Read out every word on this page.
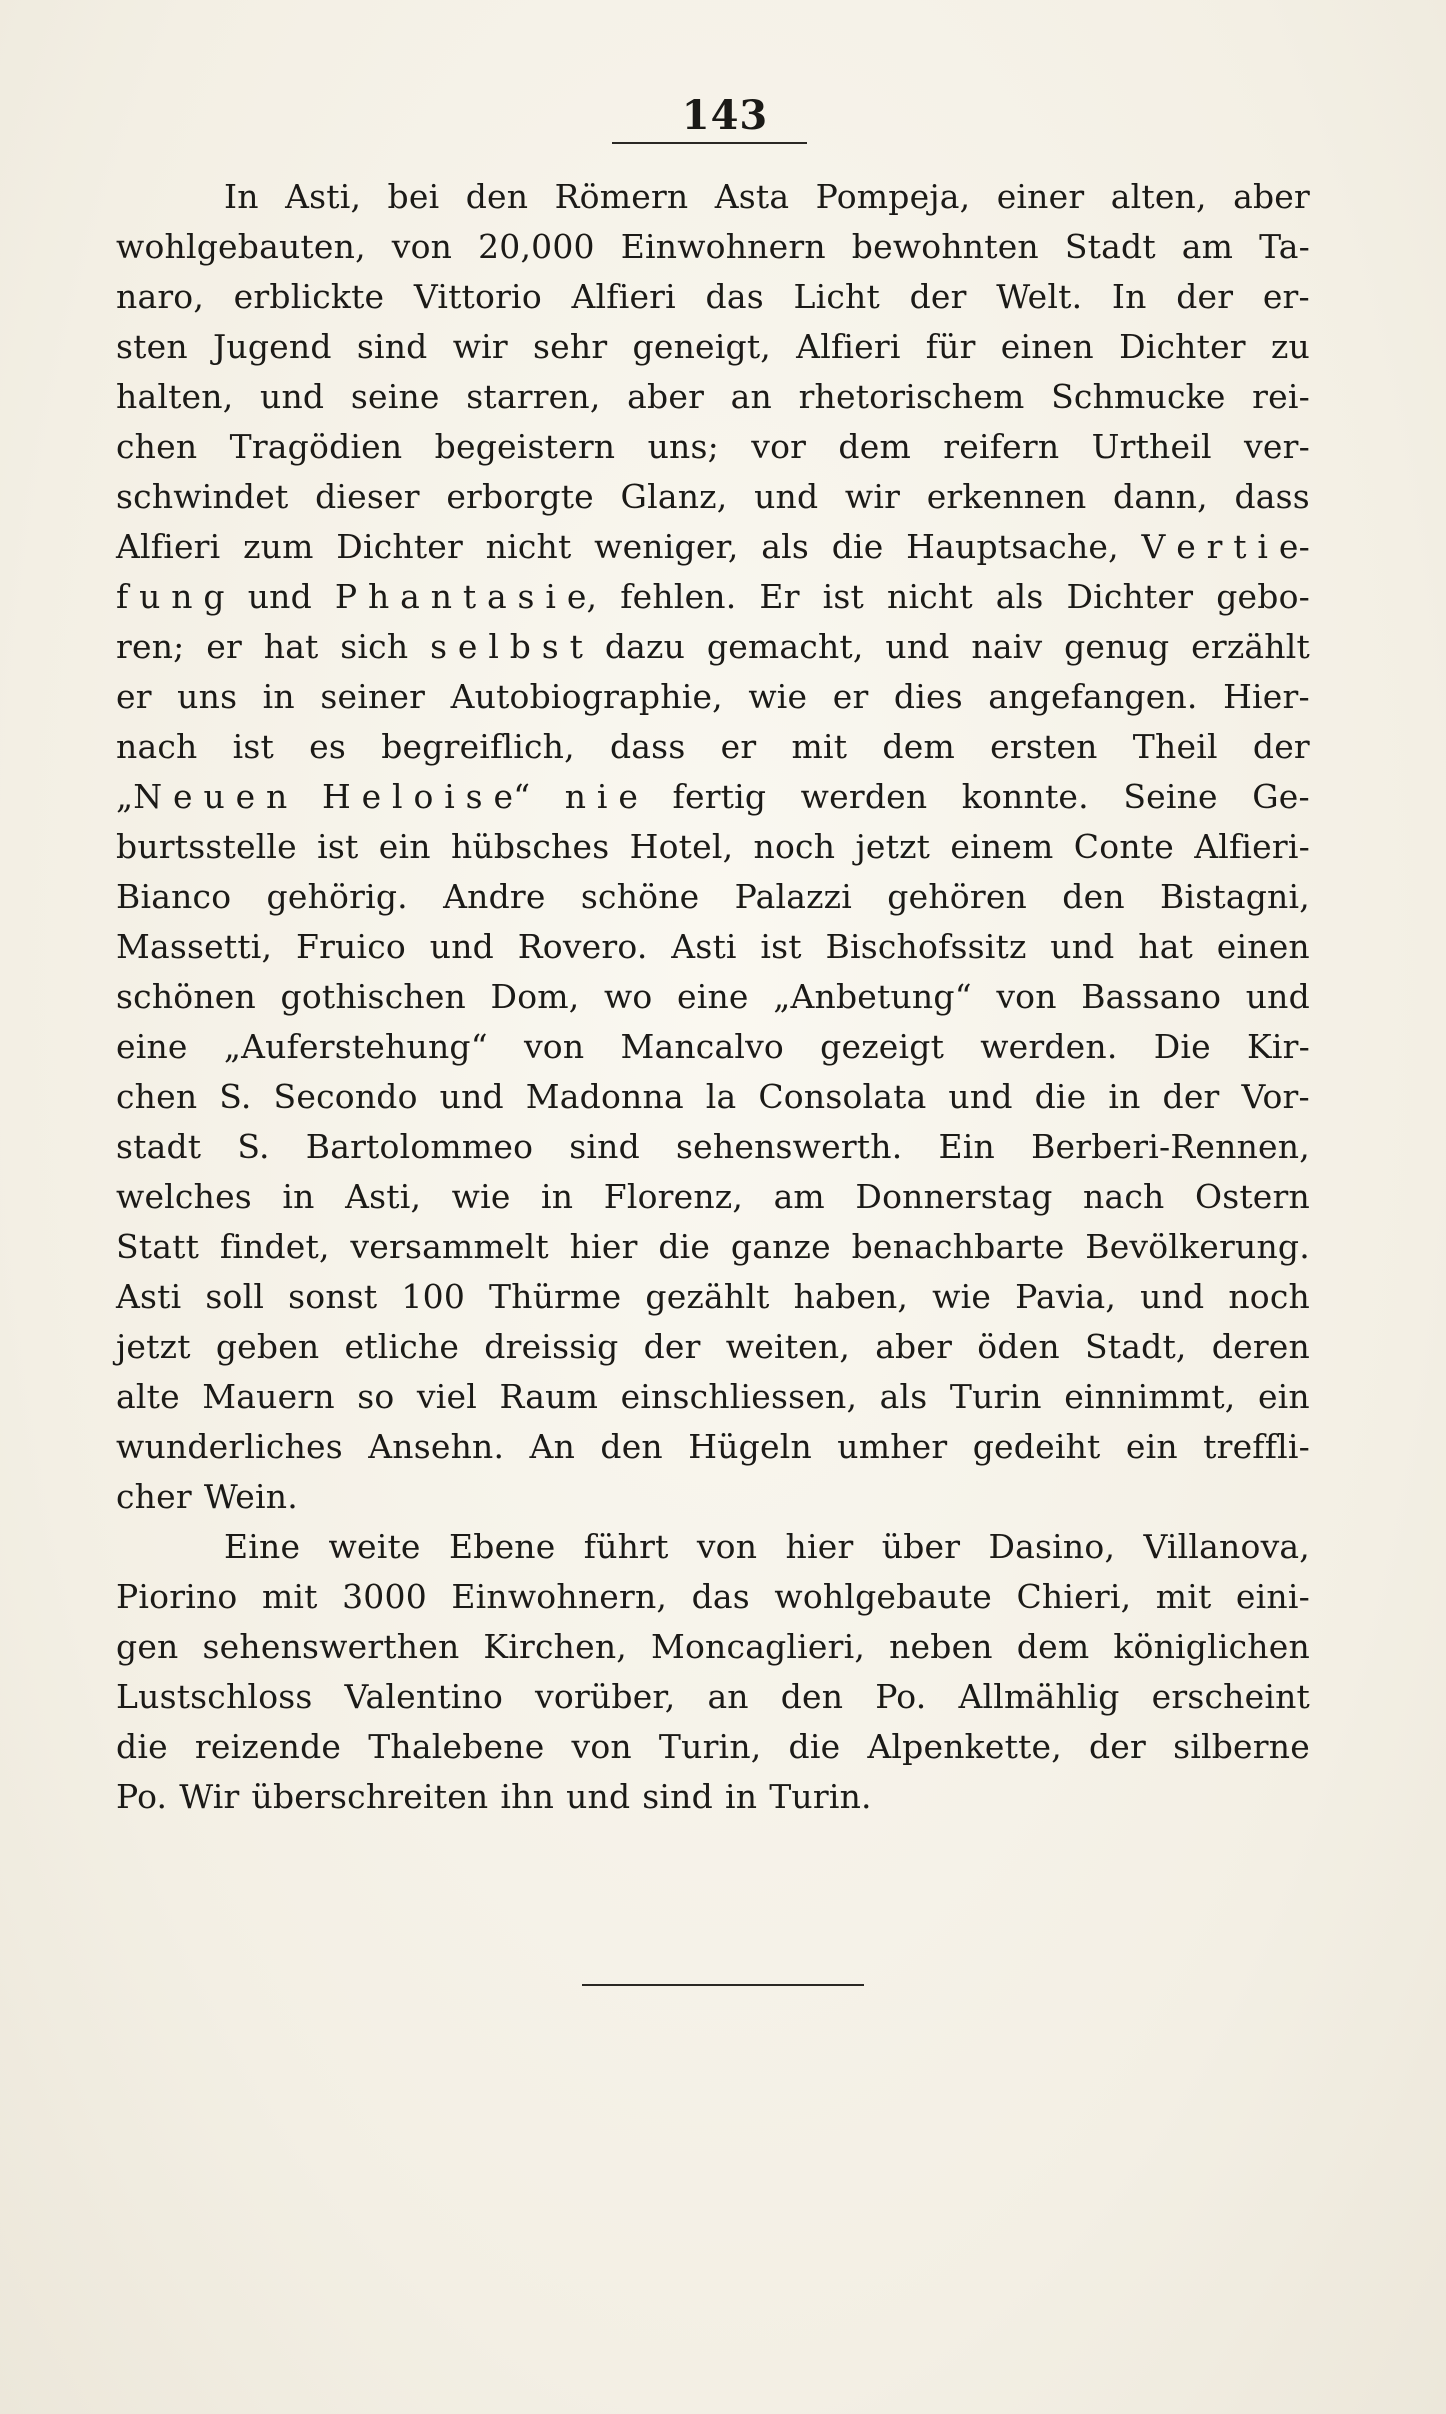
143
In Asti, bei den Römern Asta Pompeja, einer alten, aber
wohlgebauten, von 20,000 Einwohnern bewohnten Stadt am Ta-
naro, erblickte Vittorio Alfieri das Licht der Welt. In der er-
sten Jugend sind wir sehr geneigt, Alfieri für einen Dichter zu
halten, und seine starren, aber an rhetorischem Schmucke rei-
chen Tragödien begeistern uns; vor dem reifern Urtheil ver-
schwindet dieser erborgte Glanz, und wir erkennen dann, dass
Alfieri zum Dichter nicht weniger, als die Hauptsache, V e r t i e-
f u n g und P h a n t a s i e, fehlen. Er ist nicht als Dichter gebo-
ren; er hat sich s e l b s t dazu gemacht, und naiv genug erzählt
er uns in seiner Autobiographie, wie er dies angefangen. Hier-
nach ist es begreiflich, dass er mit dem ersten Theil der
„N e u e n H e l o i s e“ n i e fertig werden konnte. Seine Ge-
burtsstelle ist ein hübsches Hotel, noch jetzt einem Conte Alfieri-
Bianco gehörig. Andre schöne Palazzi gehören den Bistagni,
Massetti, Fruico und Rovero. Asti ist Bischofssitz und hat einen
schönen gothischen Dom, wo eine „Anbetung“ von Bassano und
eine „Auferstehung“ von Mancalvo gezeigt werden. Die Kir-
chen S. Secondo und Madonna la Consolata und die in der Vor-
stadt S. Bartolommeo sind sehenswerth. Ein Berberi-Rennen,
welches in Asti, wie in Florenz, am Donnerstag nach Ostern
Statt findet, versammelt hier die ganze benachbarte Bevölkerung.
Asti soll sonst 100 Thürme gezählt haben, wie Pavia, und noch
jetzt geben etliche dreissig der weiten, aber öden Stadt, deren
alte Mauern so viel Raum einschliessen, als Turin einnimmt, ein
wunderliches Ansehn. An den Hügeln umher gedeiht ein treffli-
cher Wein.
Eine weite Ebene führt von hier über Dasino, Villanova,
Piorino mit 3000 Einwohnern, das wohlgebaute Chieri, mit eini-
gen sehenswerthen Kirchen, Moncaglieri, neben dem königlichen
Lustschloss Valentino vorüber, an den Po. Allmählig erscheint
die reizende Thalebene von Turin, die Alpenkette, der silberne
Po. Wir überschreiten ihn und sind in Turin.
